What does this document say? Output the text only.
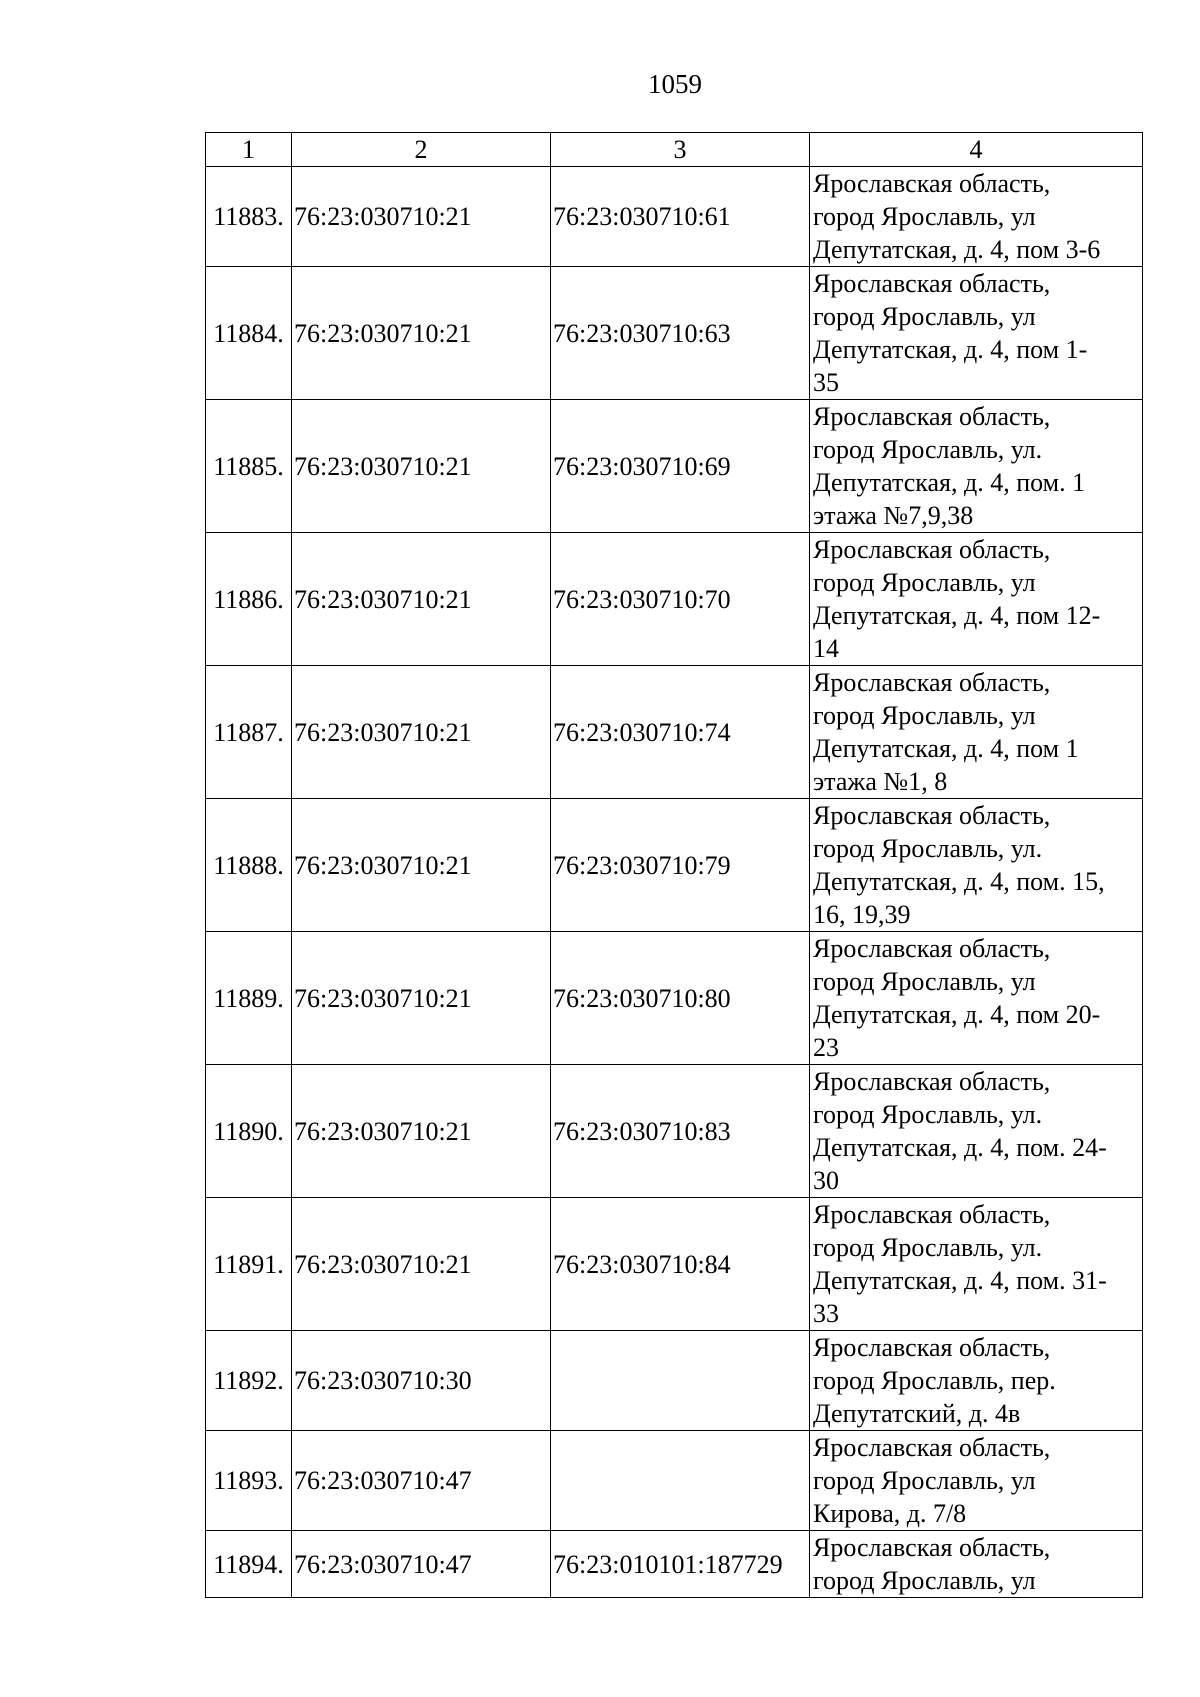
1059
1	2	3	4
11883.	76:23:030710:21	76:23:030710:61	Ярославская область,
город Ярославль, ул
Депутатская, д. 4, пом 3-6

11884.	76:23:030710:21	76:23:030710:63	Ярославская область,
город Ярославль, ул
Депутатская, д. 4, пом 1-
35

11885.	76:23:030710:21	76:23:030710:69	Ярославская область,
город Ярославль, ул.
Депутатская, д. 4, пом. 1
этажа №7,9,38

11886.	76:23:030710:21	76:23:030710:70	Ярославская область,
город Ярославль, ул
Депутатская, д. 4, пом 12-
14

11887.	76:23:030710:21	76:23:030710:74	Ярославская область,
город Ярославль, ул
Депутатская, д. 4, пом 1
этажа №1, 8

11888.	76:23:030710:21	76:23:030710:79	Ярославская область,
город Ярославль, ул.
Депутатская, д. 4, пом. 15,
16, 19,39

11889.	76:23:030710:21	76:23:030710:80	Ярославская область,
город Ярославль, ул
Депутатская, д. 4, пом 20-
23

11890.	76:23:030710:21	76:23:030710:83	Ярославская область,
город Ярославль, ул.
Депутатская, д. 4, пом. 24-
30

11891.	76:23:030710:21	76:23:030710:84	Ярославская область,
город Ярославль, ул.
Депутатская, д. 4, пом. 31-
33

11892.	76:23:030710:30		Ярославская область,
город Ярославль, пер.
Депутатский, д. 4в

11893.	76:23:030710:47		Ярославская область,
город Ярославль, ул
Кирова, д. 7/8

11894.	76:23:030710:47	76:23:010101:187729	Ярославская область,
город Ярославль, ул
